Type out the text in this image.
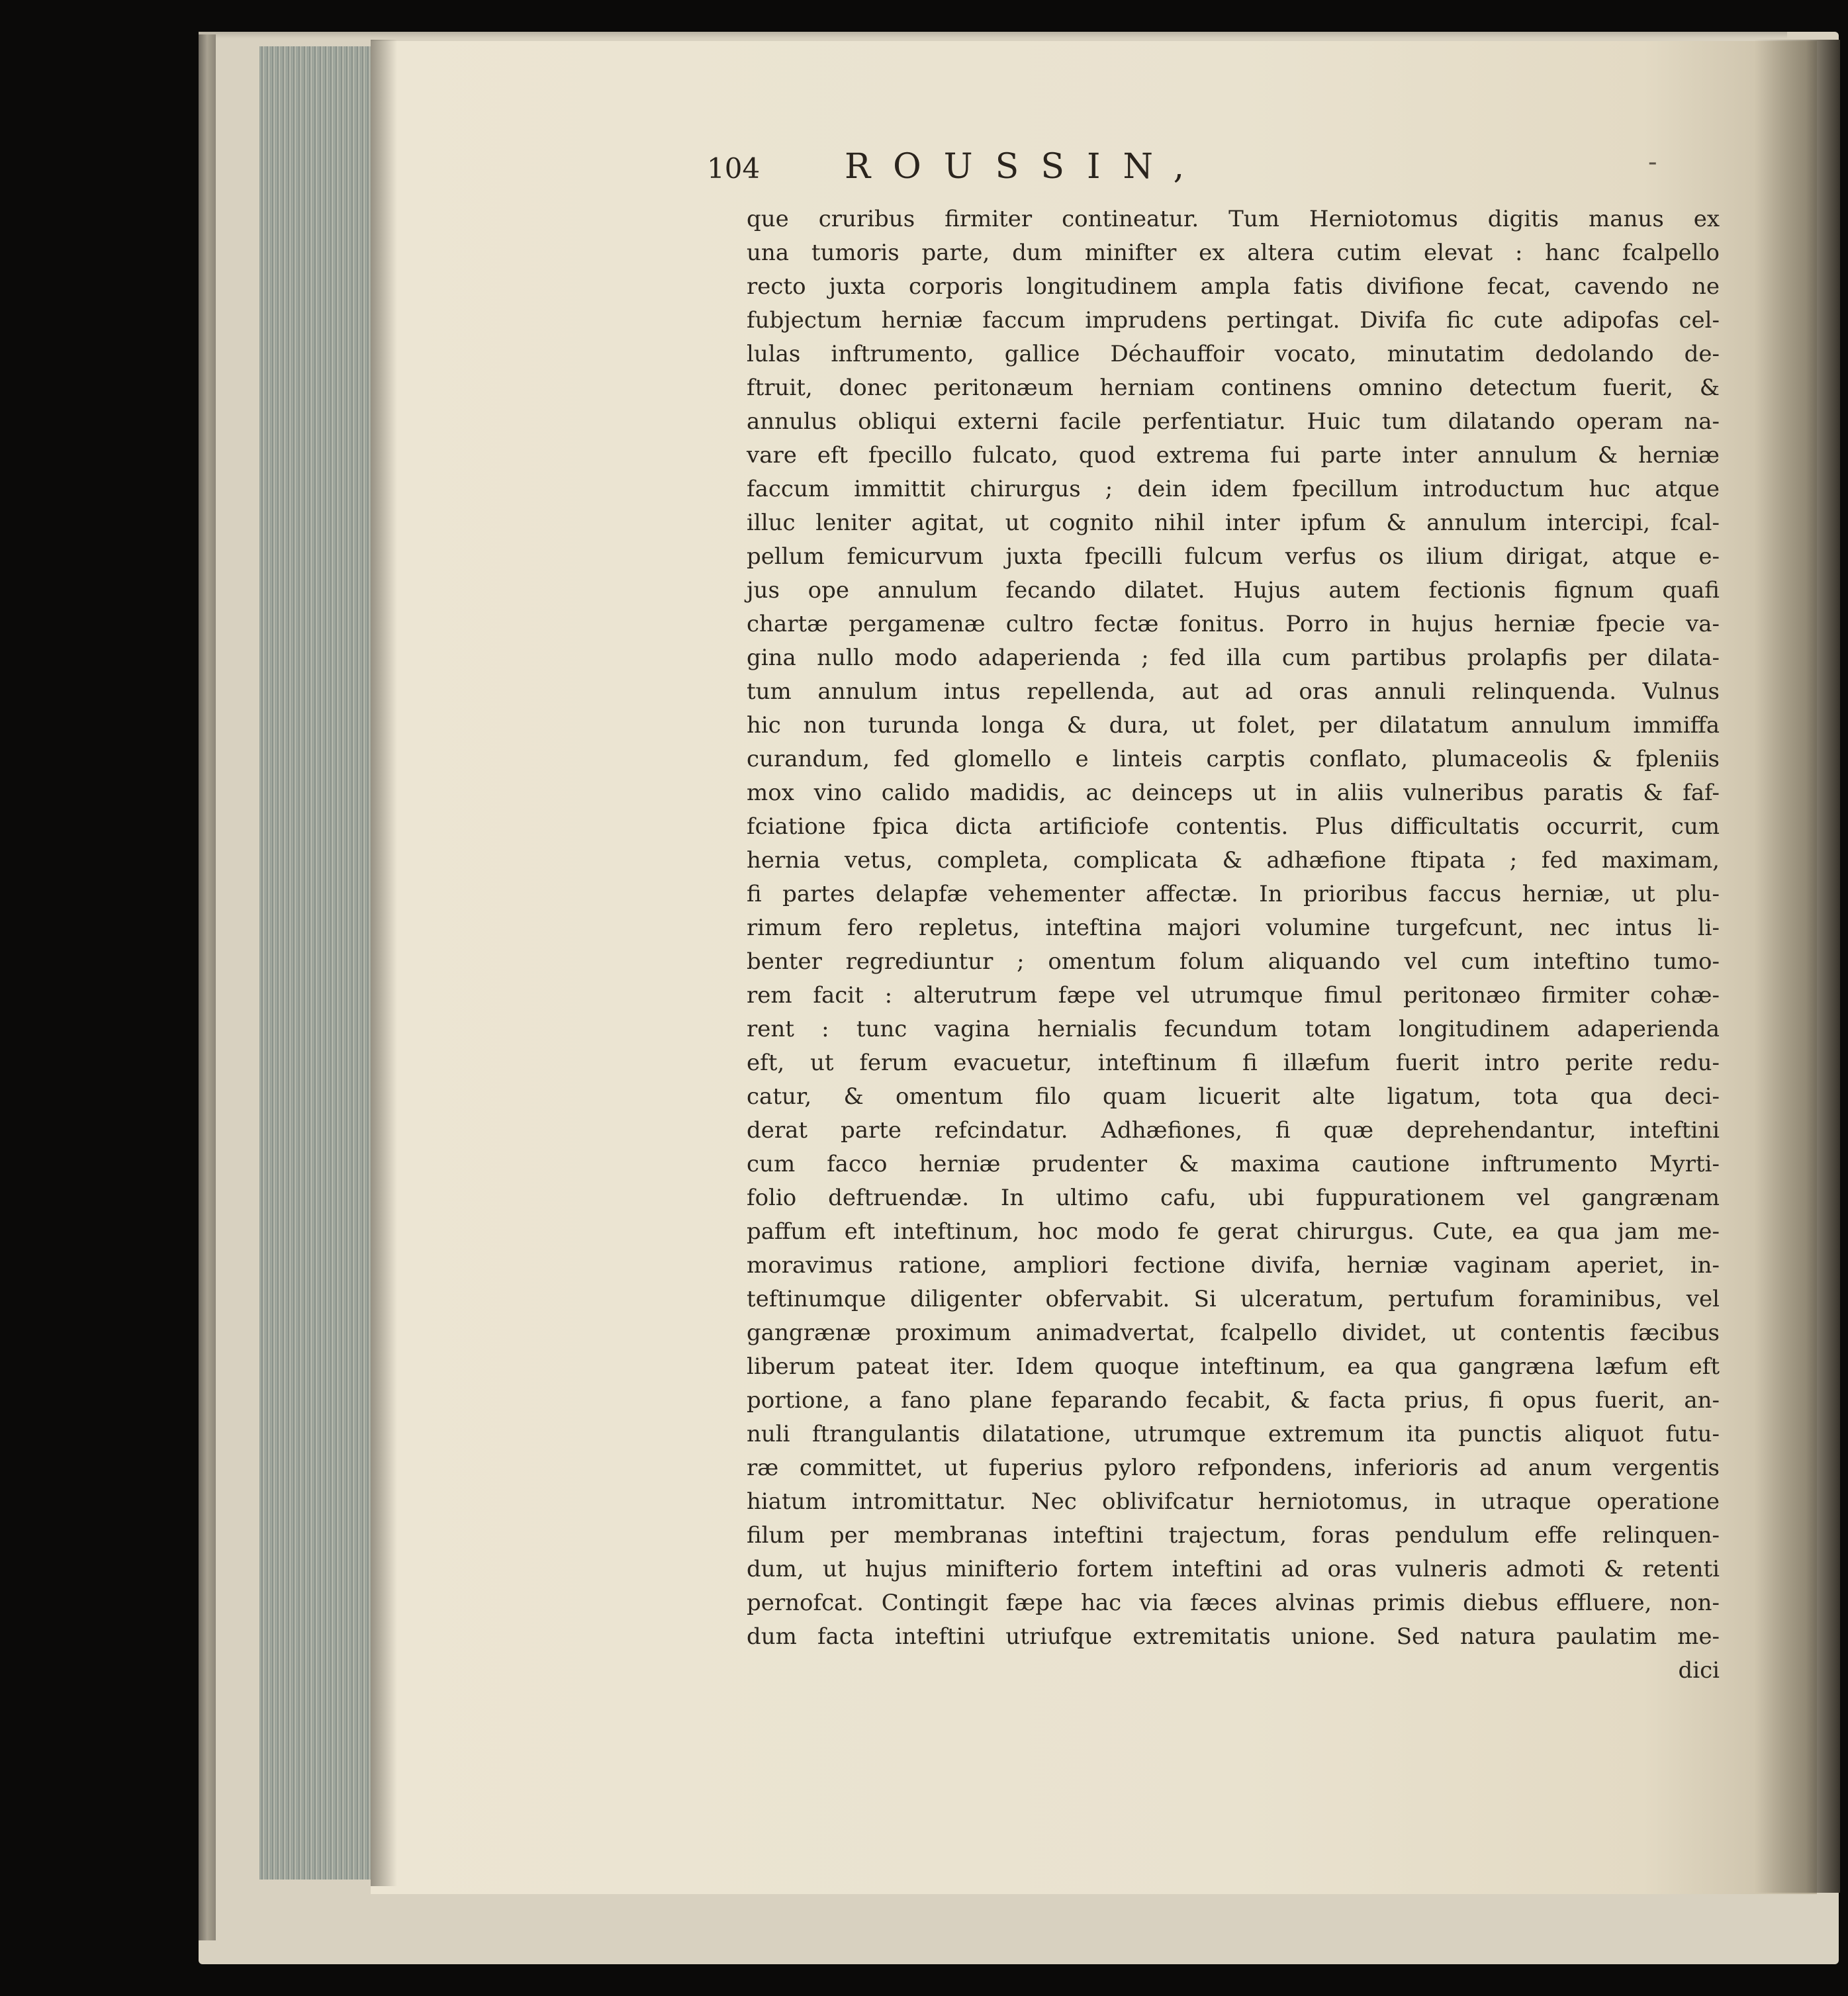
104 ROUSSIN,	-
que cruribus firmiter contineatur. Tum Herniotomus digitis manus ex
una tumoris parte, dum minifter ex altera cutim elevat : hanc fcalpello
recto juxta corporis longitudinem ampla fatis divifione fecat, cavendo ne
fubjectum herniæ faccum imprudens pertingat. Divifa fic cute adipofas cel-
lulas inftrumento, gallice Déchauffoir vocato, minutatim dedolando de-
ftruit, donec peritonæum herniam continens omnino detectum fuerit, &
annulus obliqui externi facile perfentiatur. Huic tum dilatando operam na-
vare eft fpecillo fulcato, quod extrema fui parte inter annulum & herniæ
faccum immittit chirurgus ; dein idem fpecillum introductum huc atque
illuc leniter agitat, ut cognito nihil inter ipfum & annulum intercipi, fcal-
pellum femicurvum juxta fpecilli fulcum verfus os ilium dirigat, atque e-
jus ope annulum fecando dilatet. Hujus autem fectionis fignum quafi
chartæ pergamenæ cultro fectæ fonitus. Porro in hujus herniæ fpecie va-
gina nullo modo adaperienda ; fed illa cum partibus prolapfis per dilata-
tum annulum intus repellenda, aut ad oras annuli relinquenda. Vulnus
hic non turunda longa & dura, ut folet, per dilatatum annulum immiffa
curandum, fed glomello e linteis carptis conflato, plumaceolis & fpleniis
mox vino calido madidis, ac deinceps ut in aliis vulneribus paratis & faf-
fciatione fpica dicta artificiofe contentis. Plus difficultatis occurrit, cum
hernia vetus, completa, complicata & adhæfione ftipata ; fed maximam,
fi partes delapfæ vehementer affectæ. In prioribus faccus herniæ, ut plu-
rimum fero repletus, inteftina majori volumine turgefcunt, nec intus li-
benter regrediuntur ; omentum folum aliquando vel cum inteftino tumo-
rem facit : alterutrum fæpe vel utrumque fimul peritonæo firmiter cohæ-
rent : tunc vagina hernialis fecundum totam longitudinem adaperienda
eft, ut ferum evacuetur, inteftinum fi illæfum fuerit intro perite redu-
catur, & omentum filo quam licuerit alte ligatum, tota qua deci-
derat parte refcindatur. Adhæfiones, fi quæ deprehendantur, inteftini
cum facco herniæ prudenter & maxima cautione inftrumento Myrti-
folio deftruendæ. In ultimo cafu, ubi fuppurationem vel gangrænam
paffum eft inteftinum, hoc modo fe gerat chirurgus. Cute, ea qua jam me-
moravimus ratione, ampliori fectione divifa, herniæ vaginam aperiet, in-
teftinumque diligenter obfervabit. Si ulceratum, pertufum foraminibus, vel
gangrænæ proximum animadvertat, fcalpello dividet, ut contentis fæcibus
liberum pateat iter. Idem quoque inteftinum, ea qua gangræna læfum eft
portione, a fano plane feparando fecabit, & facta prius, fi opus fuerit, an-
nuli ftrangulantis dilatatione, utrumque extremum ita punctis aliquot futu-
ræ committet, ut fuperius pyloro refpondens, inferioris ad anum vergentis
hiatum intromittatur. Nec oblivifcatur herniotomus, in utraque operatione
filum per membranas inteftini trajectum, foras pendulum effe relinquen-
dum, ut hujus minifterio fortem inteftini ad oras vulneris admoti & retenti
pernofcat. Contingit fæpe hac via fæces alvinas primis diebus effluere, non-
dum facta inteftini utriufque extremitatis unione. Sed natura paulatim me-
dici
